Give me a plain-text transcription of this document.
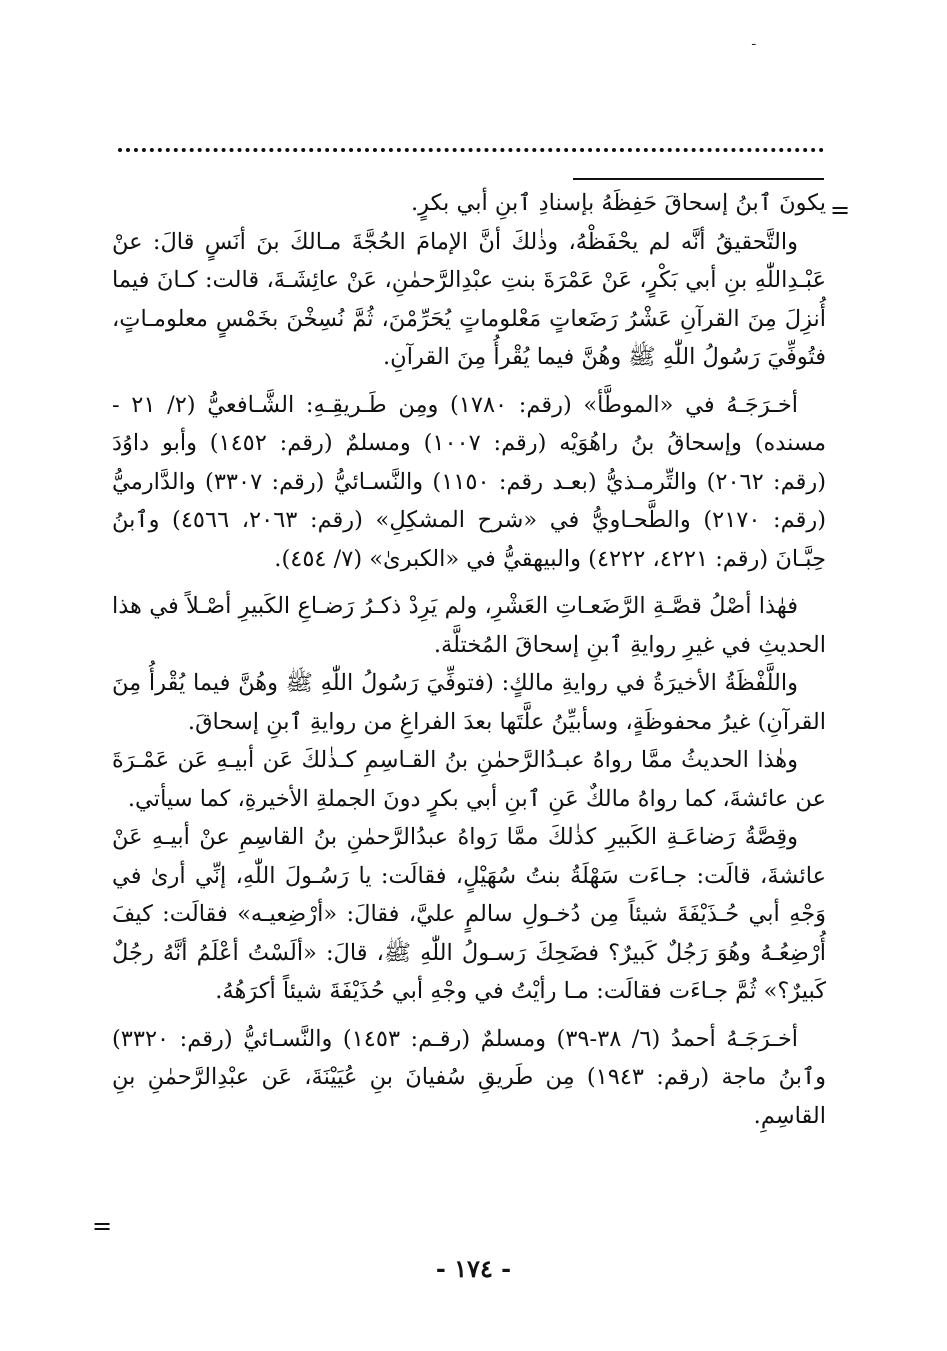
ـ
=

يكونَ ٱبنُ إسحاقَ حَفِظَهُ بإسنادِ ٱبنِ أبي بكرٍ.

والتَّحقيقُ أنَّه لم يحْفَظْهُ، وذٰلكَ أنَّ الإمامَ الحُجَّةَ مـالكَ بنَ أنَسٍ قالَ: عنْ عَبْـدِاللّٰهِ بنِ أبي بَكْرٍ، عَنْ عَمْرَةَ بنتِ عبْدِالرَّحمٰنِ، عَنْ عائِشَـةَ، قالت: كـانَ فيما أُنزِلَ مِنَ القرآنِ عَشْرُ رَضَعاتٍ مَعْلوماتٍ يُحَرِّمْنَ، ثُمَّ نُسِخْنَ بخَمْسٍ معلومـاتٍ، فتُوفِّيَ رَسُولُ اللّٰهِ ﷺ وهُنَّ فيما يُقْرأُ مِنَ القرآنِ.

أخـرَجَـهُ في «الموطَّأ» (رقم: ١٧٨٠) ومِن طَـريقِـهِ: الشَّـافعيُّ (٢/ ٢١ - مسنده) وإسحاقُ بنُ راهُوَيْه (رقم: ١٠٠٧) ومسلمٌ (رقم: ١٤٥٢) وأبو داوُدَ (رقم: ٢٠٦٢) والتِّرمـذيُّ (بعـد رقم: ١١٥٠) والنَّسـائيُّ (رقم: ٣٣٠٧) والدَّارميُّ (رقم: ٢١٧٠) والطَّحـاويُّ في «شرح المشكِلِ» (رقم: ٢٠٦٣، ٤٥٦٦) وٱبنُ حِبَّـانَ (رقم: ٤٢٢١، ٤٢٢٢) والبيهقيُّ في «الكبرىٰ» (٧/ ٤٥٤).

فهٰذا أصْلُ قصَّـةِ الرَّضَعـاتِ العَشْرِ، ولم يَرِدْ ذكـرُ رَضـاعِ الكَبيرِ أصْـلاً في هذا الحديثِ في غيرِ روايةِ ٱبنِ إسحاقَ المُختلَّة.

واللَّفْظَةُ الأخيرَةُ في روايةِ مالكٍ: (فتوفِّيَ رَسُولُ اللّٰهِ ﷺ وهُنَّ فيما يُقْرأُ مِنَ القرآنِ) غيرُ محفوظَةٍ، وسأبيِّنُ علَّتَها بعدَ الفراغِ من روايةِ ٱبنِ إسحاقَ.

وهٰذا الحديثُ ممَّا رواهُ عبـدُالرَّحمٰنِ بنُ القـاسِمِ كـذٰلكَ عَن أبيـهِ عَن عَمْـرَةَ عن عائشةَ، كما رواهُ مالكٌ عَنِ ٱبنِ أبي بكرٍ دونَ الجملةِ الأخيرةِ، كما سيأتي.

وقِصَّةُ رَضاعَـةِ الكَبيرِ كذٰلكَ ممَّا رَواهُ عبدُالرَّحمٰنِ بنُ القاسِمِ عنْ أبيـهِ عَنْ عائشةَ، قالَت: جـاءَت سَهْلَةُ بنتُ سُهَيْلٍ، فقالَت: يا رَسُـولَ اللّٰهِ، إنِّي أرىٰ في وَجْهِ أبي حُـذَيْفَةَ شيئاً مِن دُخـولِ سالمٍ عليَّ، فقالَ: «أرْضِعيـه» فقالَت: كيفَ أُرْضِعُـهُ وهُوَ رَجُلٌ كَبيرٌ؟ فضَحِكَ رَسـولُ اللّٰهِ ﷺ، قالَ: «ألَسْتُ أعْلَمُ أنَّهُ رجُلٌ كَبيرٌ؟» ثُمَّ جـاءَت فقالَت: مـا رأيْتُ في وجْهِ أبي حُذَيْفَةَ شيئاً أكرَهُهُ.

أخـرَجَـهُ أحمدُ (٦/ ٣٨-٣٩) ومسلمٌ (رقـم: ١٤٥٣) والنَّسـائيُّ (رقم: ٣٣٢٠) وٱبنُ ماجة (رقم: ١٩٤٣) مِن طَريقِ سُفيانَ بنِ عُيَيْنَةَ، عَن عبْدِالرَّحمٰنِ بنِ القاسِمِ.

=
- ١٧٤ -
